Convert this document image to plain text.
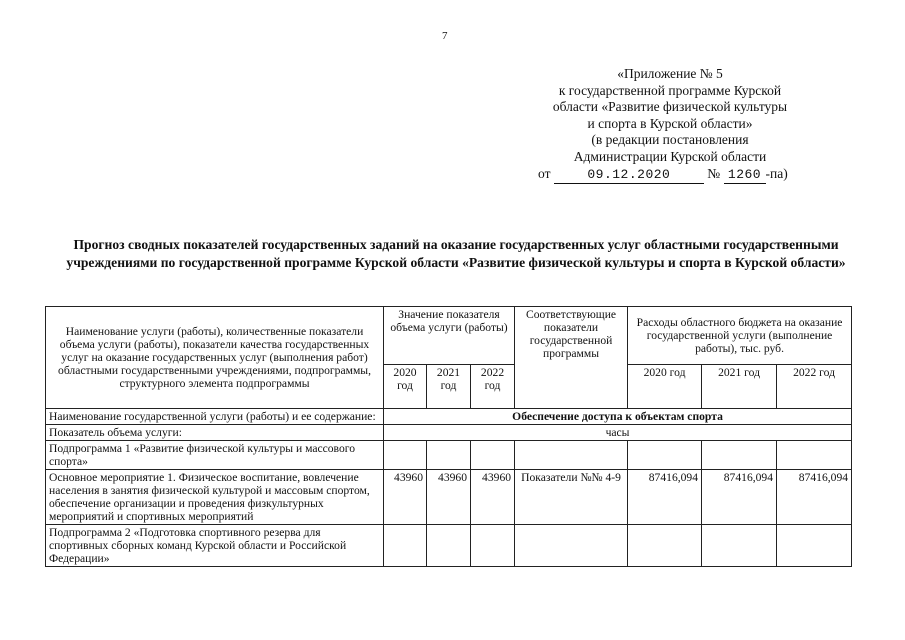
7
«Приложение № 5
к государственной программе Курской
области «Развитие физической культуры
и спорта в Курской области»
(в редакции постановления
Администрации Курской области
от	09.12.2020	№ 1260 -па)
Прогноз сводных показателей государственных заданий на оказание государственных услуг областными государственными учреждениями по государственной программе Курской области «Развитие физической культуры и спорта в Курской области»
Наименование услуги (работы), количественные показатели объема услуги (работы), показатели качества государственных услуг на оказание государственных услуг (выполнения работ) областными государственными учреждениями, подпрограммы, структурного элемента подпрограммы	Значение показателя объема услуги (работы)			Соответствующие показатели государственной программы	Расходы областного бюджета на оказание государственной услуги (выполнение работы), тыс. руб.		
	2020 год	2021 год	2022 год		2020 год	2021 год	2022 год
Наименование государственной услуги (работы) и ее содержание:	Обеспечение доступа к объектам спорта						
Показатель объема услуги:	часы						
Подпрограмма 1 «Развитие физической культуры и массового спорта»							
Основное мероприятие 1. Физическое воспитание, вовлечение населения в занятия физической культурой и массовым спортом, обеспечение организации и проведения физкультурных мероприятий и спортивных мероприятий	43960	43960	43960	Показатели №№ 4-9	87416,094	87416,094	87416,094
Подпрограмма 2 «Подготовка спортивного резерва для спортивных сборных команд Курской области и Российской Федерации»							
